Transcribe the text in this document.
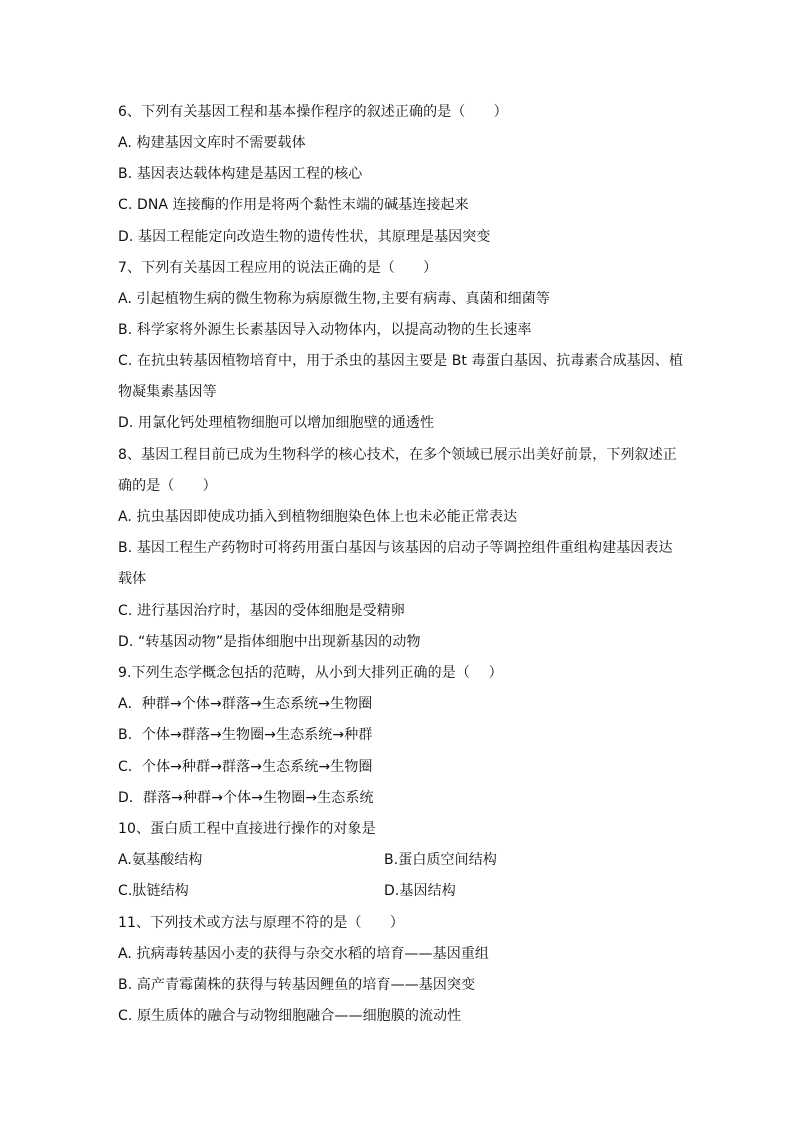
6、下列有关基因工程和基本操作程序的叙述正确的是（　　）
A. 构建基因文库时不需要载体
B. 基因表达载体构建是基因工程的核心
C. DNA 连接酶的作用是将两个黏性末端的碱基连接起来
D. 基因工程能定向改造生物的遗传性状，其原理是基因突变
7、下列有关基因工程应用的说法正确的是（　　）
A. 引起植物生病的微生物称为病原微生物,主要有病毒、真菌和细菌等
B. 科学家将外源生长素基因导入动物体内，以提高动物的生长速率
C. 在抗虫转基因植物培育中，用于杀虫的基因主要是 Bt 毒蛋白基因、抗毒素合成基因、植
物凝集素基因等
D. 用氯化钙处理植物细胞可以增加细胞壁的通透性
8、基因工程目前已成为生物科学的核心技术，在多个领域已展示出美好前景，下列叙述正
确的是（　　）
A. 抗虫基因即使成功插入到植物细胞染色体上也未必能正常表达
B. 基因工程生产药物时可将药用蛋白基因与该基因的启动子等调控组件重组构建基因表达
载体
C. 进行基因治疗时，基因的受体细胞是受精卵
D. “转基因动物”是指体细胞中出现新基因的动物
9.下列生态学概念包括的范畴，从小到大排列正确的是（　 ）
A．种群→个体→群落→生态系统→生物圈
B．个体→群落→生物圈→生态系统→种群
C．个体→种群→群落→生态系统→生物圈
D．群落→种群→个体→生物圈→生态系统
10、蛋白质工程中直接进行操作的对象是
A.氨基酸结构	B.蛋白质空间结构
C.肽链结构	D.基因结构
11、下列技术或方法与原理不符的是（　　）
A. 抗病毒转基因小麦的获得与杂交水稻的培育——基因重组
B. 高产青霉菌株的获得与转基因鲤鱼的培育——基因突变
C. 原生质体的融合与动物细胞融合——细胞膜的流动性
